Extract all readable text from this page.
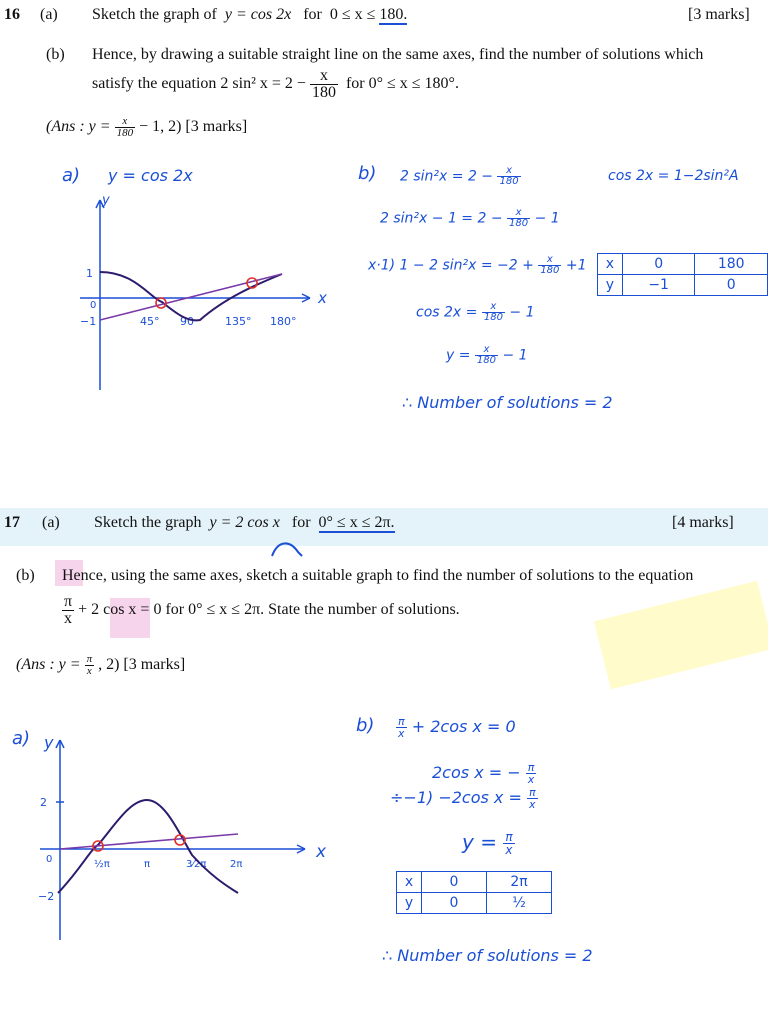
16 (a) Sketch the graph of y = cos 2x for 0 ≤ x ≤ 180.	[3 marks]
(b) Hence, by drawing a suitable straight line on the same axes, find the number of solutions which
satisfy the equation 2 sin² $x = 2 - \frac{x}{180}$ for 0° ≤ x ≤ 180°.
(Ans : $y = \frac{x}{180} - 1$, 2) [3 marks]
a) y = cos 2x
y
x
1
0
−1	45° 90	135° 180°
b) 2 $\sin^2x = 2 - \frac{x}{180}$	cos 2x = 1−2sin²A
2 $\sin^2x - 1 = 2 - \frac{x}{180} - 1$
x·1) 1 − 2 $\sin^2x = -2 + \frac{x}{180} +1$
$\cos 2x = \frac{x}{180} - 1$
$y = \frac{x}{180} - 1$
∴ Number of solutions = 2
x	0	180
y	−1	0
17 (a) Sketch the graph y = 2 cos x for 0° ≤ x ≤ 2π.	[4 marks]
(b) Hence, using the same axes, sketch a suitable graph to find the number of solutions to the equation
$\frac{\pi}{x} + 2$ cos x = 0 for 0° ≤ x ≤ 2π. State the number of solutions.
(Ans : $y = \frac{\pi}{x}$ , 2) [3 marks]
a) y
x
2
0
−2
½π	π	3⁄2π 2π
$b) \frac{\pi}{x} + 2\cos$ x = 0
2cos x = − $\frac{\pi}{x}$
÷−1) −2cos $x = \frac{\pi}{x}$
$y = \frac{\pi}{x}$
x	0	2π
y	0	½
∴ Number of solutions = 2
